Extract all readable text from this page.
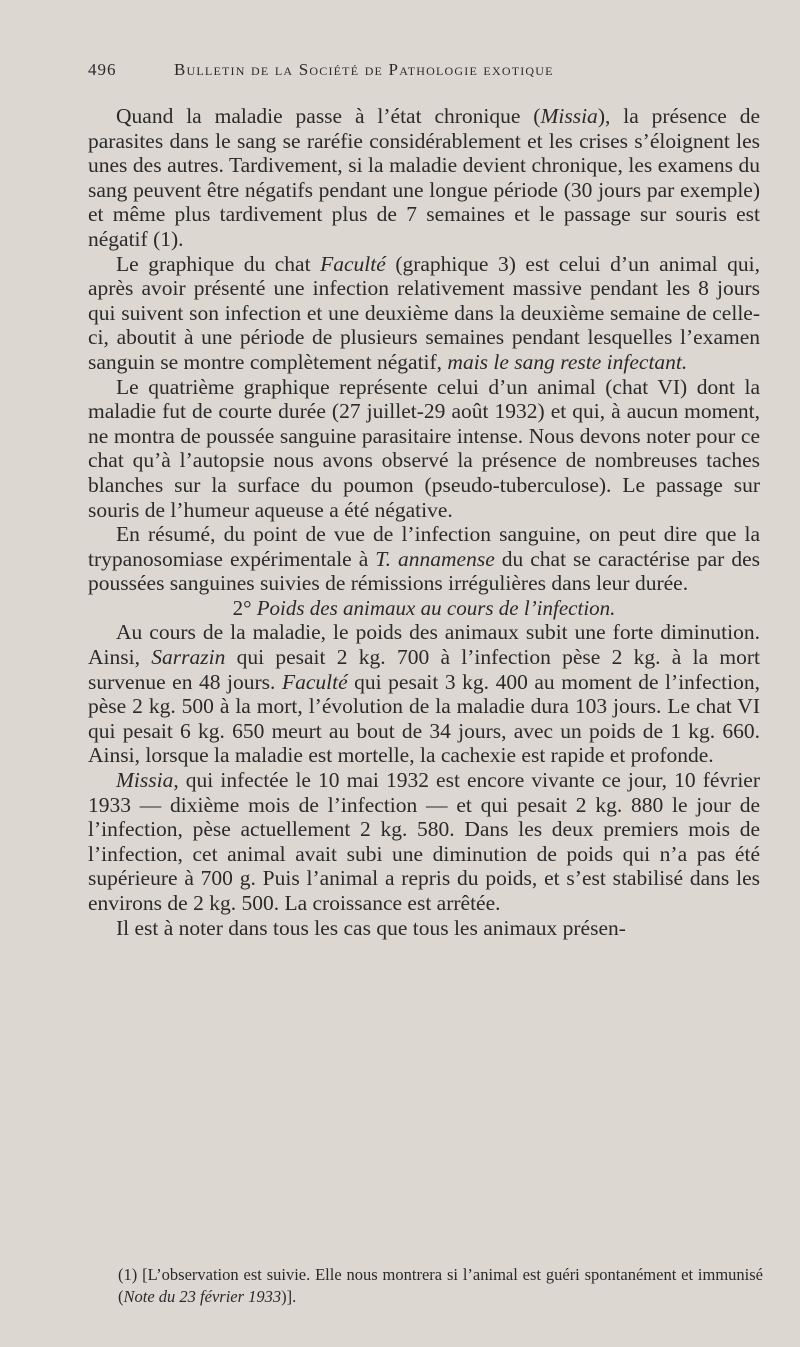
496	Bulletin de la Société de Pathologie exotique

Quand la maladie passe à l’état chronique (Missia), la présence de parasites dans le sang se raréfie considérablement et les crises s’éloignent les unes des autres. Tardivement, si la maladie devient chronique, les examens du sang peuvent être négatifs pendant une longue période (30 jours par exemple) et même plus tardivement plus de 7 semaines et le passage sur souris est négatif (1).

Le graphique du chat Faculté (graphique 3) est celui d’un animal qui, après avoir présenté une infection relativement massive pendant les 8 jours qui suivent son infection et une deuxième dans la deuxième semaine de celle-ci, aboutit à une période de plusieurs semaines pendant lesquelles l’examen sanguin se montre complètement négatif, mais le sang reste infectant.

Le quatrième graphique représente celui d’un animal (chat VI) dont la maladie fut de courte durée (27 juillet-29 août 1932) et qui, à aucun moment, ne montra de poussée sanguine parasitaire intense. Nous devons noter pour ce chat qu’à l’autopsie nous avons observé la présence de nombreuses taches blanches sur la surface du poumon (pseudo-tuberculose). Le passage sur souris de l’humeur aqueuse a été négative.

En résumé, du point de vue de l’infection sanguine, on peut dire que la trypanosomiase expérimentale à T. annamense du chat se caractérise par des poussées sanguines suivies de rémissions irrégulières dans leur durée.

2° Poids des animaux au cours de l’infection.

Au cours de la maladie, le poids des animaux subit une forte diminution. Ainsi, Sarrazin qui pesait 2 kg. 700 à l’infection pèse 2 kg. à la mort survenue en 48 jours. Faculté qui pesait 3 kg. 400 au moment de l’infection, pèse 2 kg. 500 à la mort, l’évolution de la maladie dura 103 jours. Le chat VI qui pesait 6 kg. 650 meurt au bout de 34 jours, avec un poids de 1 kg. 660. Ainsi, lorsque la maladie est mortelle, la cachexie est rapide et profonde.

Missia, qui infectée le 10 mai 1932 est encore vivante ce jour, 10 février 1933 — dixième mois de l’infection — et qui pesait 2 kg. 880 le jour de l’infection, pèse actuellement 2 kg. 580. Dans les deux premiers mois de l’infection, cet animal avait subi une diminution de poids qui n’a pas été supérieure à 700 g. Puis l’animal a repris du poids, et s’est stabilisé dans les environs de 2 kg. 500. La croissance est arrêtée.

Il est à noter dans tous les cas que tous les animaux présen-

(1) [L’observation est suivie. Elle nous montrera si l’animal est guéri spontanément et immunisé (Note du 23 février 1933)].
